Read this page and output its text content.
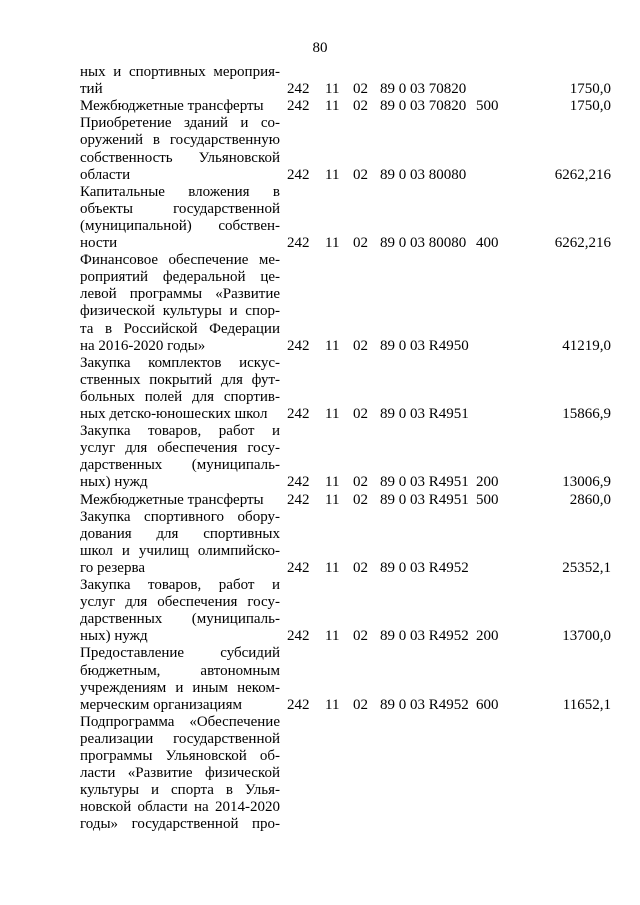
80
ных и спортивных мероприя-
тий	242 11 02 89 0 03 70820	1750,0
Межбюджетные трансферты	242 11 02 89 0 03 70820 500	1750,0
Приобретение зданий и со-
оружений в государственную
собственность Ульяновской
области	242 11 02 89 0 03 80080	6262,216
Капитальные вложения в
объекты государственной
(муниципальной) собствен-
ности	242 11 02 89 0 03 80080 400	6262,216
Финансовое обеспечение ме-
роприятий федеральной це-
левой программы «Развитие
физической культуры и спор-
та в Российской Федерации
на 2016-2020 годы»	242 11 02 89 0 03 R4950	41219,0
Закупка комплектов искус-
ственных покрытий для фут-
больных полей для спортив-
ных детско-юношеских школ	242 11 02 89 0 03 R4951	15866,9
Закупка товаров, работ и
услуг для обеспечения госу-
дарственных (муниципаль-
ных) нужд	242 11 02 89 0 03 R4951 200	13006,9
Межбюджетные трансферты	242 11 02 89 0 03 R4951 500	2860,0
Закупка спортивного обору-
дования для спортивных
школ и училищ олимпийско-
го резерва	242 11 02 89 0 03 R4952	25352,1
Закупка товаров, работ и
услуг для обеспечения госу-
дарственных (муниципаль-
ных) нужд	242 11 02 89 0 03 R4952 200	13700,0
Предоставление субсидий
бюджетным, автономным
учреждениям и иным неком-
мерческим организациям	242 11 02 89 0 03 R4952 600	11652,1
Подпрограмма «Обеспечение
реализации государственной
программы Ульяновской об-
ласти «Развитие физической
культуры и спорта в Улья-
новской области на 2014-2020
годы» государственной про-
